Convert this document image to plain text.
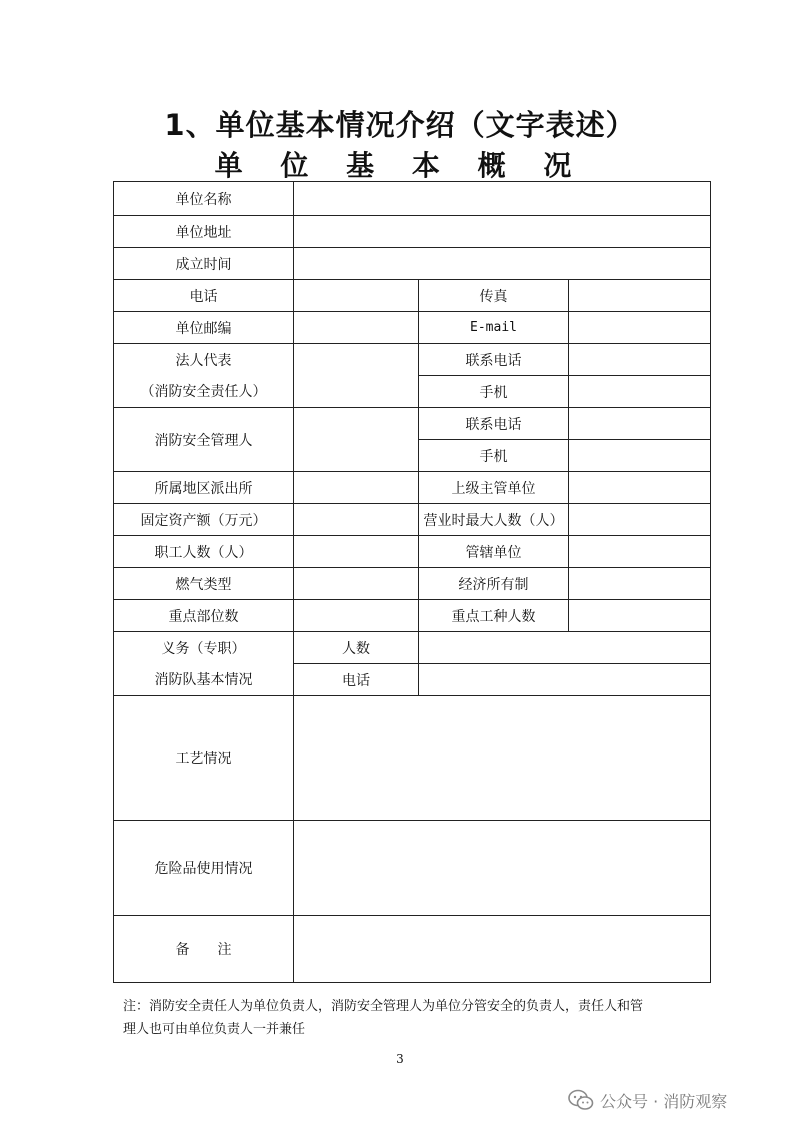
1、单位基本情况介绍（文字表述）
单 位 基 本 概 况
单位名称			
单位地址			
成立时间			
电话		传真	
单位邮编		E-mail	
法人代表		联系电话	
（消防安全责任人）		手机	
消防安全管理人		联系电话	
		手机	
所属地区派出所		上级主管单位	
固定资产额（万元）		营业时最大人数（人）	
职工人数（人）		管辖单位	
燃气类型		经济所有制	
重点部位数		重点工种人数	
义务（专职）	人数		
消防队基本情况	电话		
工艺情况			
危险品使用情况			
备　　注			
注：消防安全责任人为单位负责人，消防安全管理人为单位分管安全的负责人，责任人和管
理人也可由单位负责人一并兼任
3
公众号 · 消防观察
